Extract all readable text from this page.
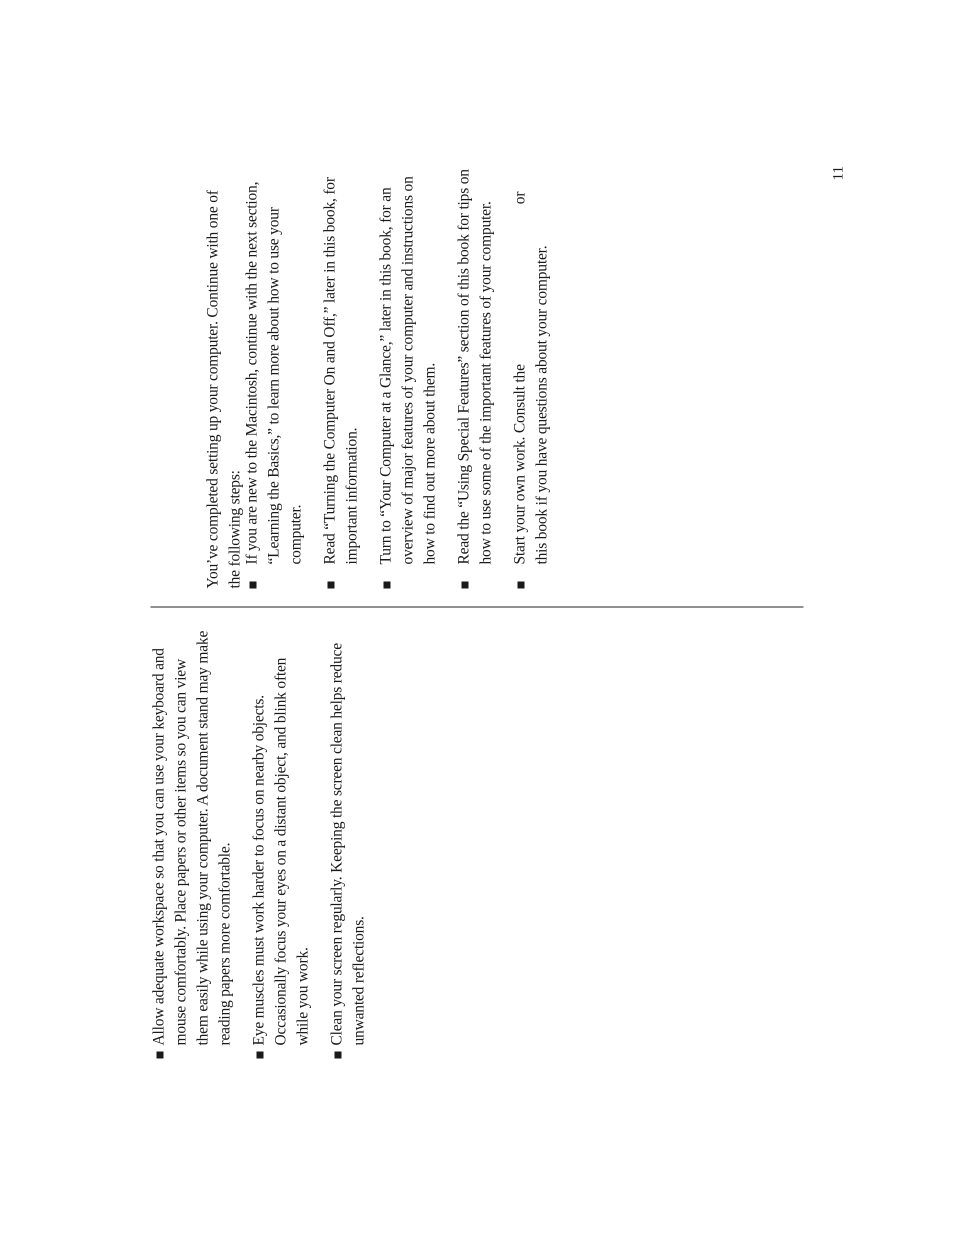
11
Allow adequate workspace so that you can use your keyboard and mouse comfortably. Place papers or other items so you can view them easily while using your computer. A document stand may make reading papers more comfortable. Eye muscles must work harder to focus on nearby objects. Occasionally focus your eyes on a distant object, and blink often while you work. Clean your screen regularly. Keeping the screen clean helps reduce unwanted reflections.

You’ve completed setting up your computer. Continue with one of the following steps: If you are new to the Macintosh, continue with the next section, “Learning the Basics,” to learn more about how to use your computer. Read “Turning the Computer On and Off,” later in this book, for important information. Turn to “Your Computer at a Glance,” later in this book, for an overview of major features of your computer and instructions on how to find out more about them. Read the “Using Special Features” section of this book for tips on how to use some of the important features of your computer. Start your own work. Consult theor
this book if you have questions about your computer.
